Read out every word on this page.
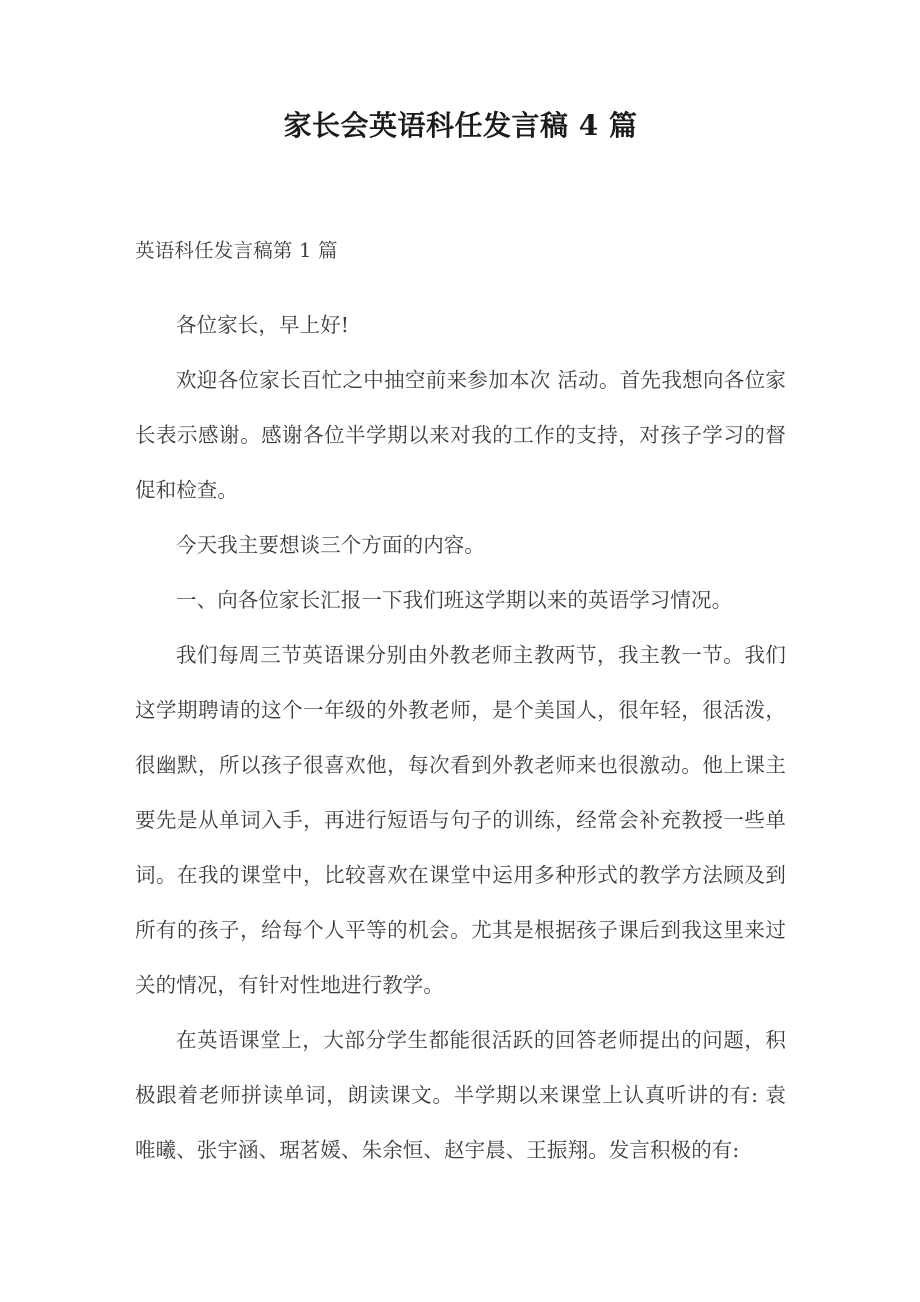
家长会英语科任发言稿 4 篇
英语科任发言稿第 1 篇

各位家长，早上好!

欢迎各位家长百忙之中抽空前来参加本次 活动。首先我想向各位家长表示感谢。感谢各位半学期以来对我的工作的支持，对孩子学习的督促和检查。

今天我主要想谈三个方面的内容。

一、向各位家长汇报一下我们班这学期以来的英语学习情况。

我们每周三节英语课分别由外教老师主教两节，我主教一节。我们这学期聘请的这个一年级的外教老师，是个美国人，很年轻，很活泼，很幽默，所以孩子很喜欢他，每次看到外教老师来也很激动。他上课主要先是从单词入手，再进行短语与句子的训练，经常会补充教授一些单词。在我的课堂中，比较喜欢在课堂中运用多种形式的教学方法顾及到所有的孩子，给每个人平等的机会。尤其是根据孩子课后到我这里来过关的情况，有针对性地进行教学。

在英语课堂上，大部分学生都能很活跃的回答老师提出的问题，积极跟着老师拼读单词，朗读课文。半学期以来课堂上认真听讲的有: 袁唯曦、张宇涵、琚茗媛、朱余恒、赵宇晨、王振翔。发言积极的有:
